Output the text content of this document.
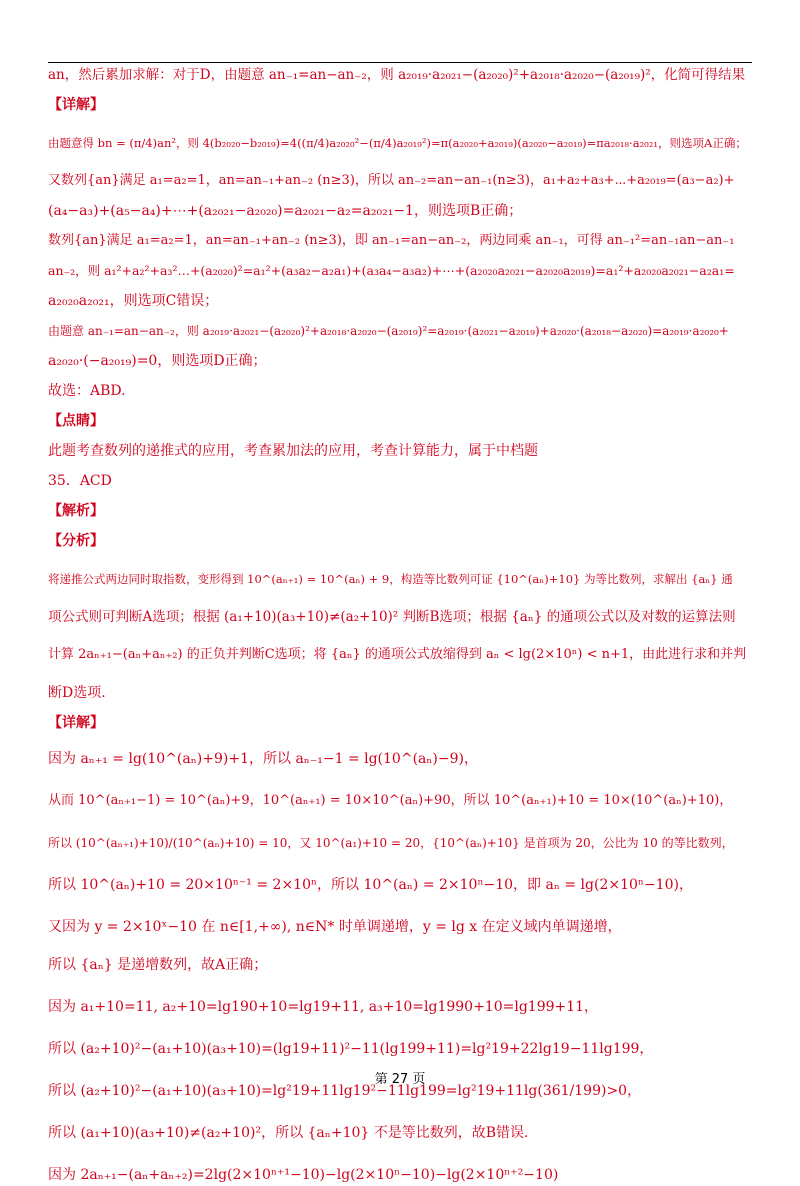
an，然后累加求解：对于D，由题意 an₋₁=an−an₋₂，则 a₂₀₁₉·a₂₀₂₁−(a₂₀₂₀)²+a₂₀₁₈·a₂₀₂₀−(a₂₀₁₉)²，化简可得结果
【详解】
由题意得 bn = (π/4)an²，则 4(b₂₀₂₀−b₂₀₁₉)=4((π/4)a₂₀₂₀²−(π/4)a₂₀₁₉²)=π(a₂₀₂₀+a₂₀₁₉)(a₂₀₂₀−a₂₀₁₉)=πa₂₀₁₈·a₂₀₂₁，则选项A正确；
又数列{an}满足 a₁=a₂=1，an=an₋₁+an₋₂ (n≥3)，所以 an₋₂=an−an₋₁(n≥3)，a₁+a₂+a₃+⋯+a₂₀₁₉=(a₃−a₂)+
(a₄−a₃)+(a₅−a₄)+⋯+(a₂₀₂₁−a₂₀₂₀)=a₂₀₂₁−a₂=a₂₀₂₁−1，则选项B正确；
数列{an}满足 a₁=a₂=1，an=an₋₁+an₋₂ (n≥3)，即 an₋₁=an−an₋₂，两边同乘 an₋₁，可得 an₋₁²=an₋₁an−an₋₁
an₋₂，则 a₁²+a₂²+a₃²…+(a₂₀₂₀)²=a₁²+(a₃a₂−a₂a₁)+(a₃a₄−a₃a₂)+⋯+(a₂₀₂₀a₂₀₂₁−a₂₀₂₀a₂₀₁₉)=a₁²+a₂₀₂₀a₂₀₂₁−a₂a₁=
a₂₀₂₀a₂₀₂₁，则选项C错误；
由题意 an₋₁=an−an₋₂，则 a₂₀₁₉·a₂₀₂₁−(a₂₀₂₀)²+a₂₀₁₈·a₂₀₂₀−(a₂₀₁₉)²=a₂₀₁₉·(a₂₀₂₁−a₂₀₁₉)+a₂₀₂₀·(a₂₀₁₈−a₂₀₂₀)=a₂₀₁₉·a₂₀₂₀+
a₂₀₂₀·(−a₂₀₁₉)=0，则选项D正确；
故选：ABD.
【点睛】
此题考查数列的递推式的应用，考查累加法的应用，考查计算能力，属于中档题
35．ACD
【解析】
【分析】
将递推公式两边同时取指数，变形得到 10^(aₙ₊₁) = 10^(aₙ) + 9，构造等比数列可证 {10^(aₙ)+10} 为等比数列，求解出 {aₙ} 通
项公式则可判断A选项；根据 (a₁+10)(a₃+10)≠(a₂+10)² 判断B选项；根据 {aₙ} 的通项公式以及对数的运算法则
计算 2aₙ₊₁−(aₙ+aₙ₊₂) 的正负并判断C选项；将 {aₙ} 的通项公式放缩得到 aₙ < lg(2×10ⁿ) < n+1，由此进行求和并判
断D选项.
【详解】
因为 aₙ₊₁ = lg(10^(aₙ)+9)+1，所以 aₙ₋₁−1 = lg(10^(aₙ)−9)，
从而 10^(aₙ₊₁−1) = 10^(aₙ)+9，10^(aₙ₊₁) = 10×10^(aₙ)+90，所以 10^(aₙ₊₁)+10 = 10×(10^(aₙ)+10)，
所以 (10^(aₙ₊₁)+10)/(10^(aₙ)+10) = 10，又 10^(a₁)+10 = 20，{10^(aₙ)+10} 是首项为 20，公比为 10 的等比数列，
所以 10^(aₙ)+10 = 20×10ⁿ⁻¹ = 2×10ⁿ，所以 10^(aₙ) = 2×10ⁿ−10，即 aₙ = lg(2×10ⁿ−10)，
又因为 y = 2×10ˣ−10 在 n∈[1,+∞), n∈N* 时单调递增，y = lg x 在定义域内单调递增，
所以 {aₙ} 是递增数列，故A正确；
因为 a₁+10=11, a₂+10=lg190+10=lg19+11, a₃+10=lg1990+10=lg199+11，
所以 (a₂+10)²−(a₁+10)(a₃+10)=(lg19+11)²−11(lg199+11)=lg²19+22lg19−11lg199，
所以 (a₂+10)²−(a₁+10)(a₃+10)=lg²19+11lg19²−11lg199=lg²19+11lg(361/199)>0，
所以 (a₁+10)(a₃+10)≠(a₂+10)²，所以 {aₙ+10} 不是等比数列，故B错误.
因为 2aₙ₊₁−(aₙ+aₙ₊₂)=2lg(2×10ⁿ⁺¹−10)−lg(2×10ⁿ−10)−lg(2×10ⁿ⁺²−10)
第 27 页
